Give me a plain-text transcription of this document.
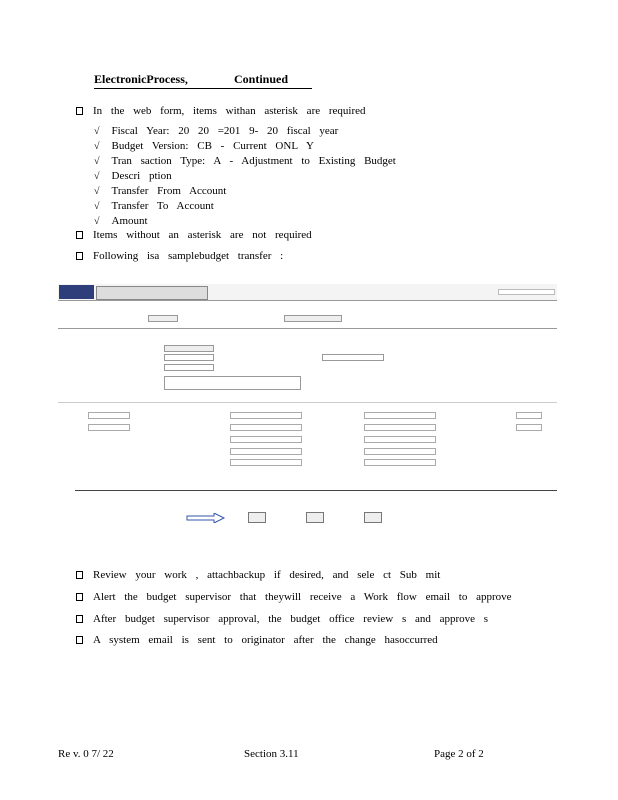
ElectronicProcess,	Continued
In the web form, items withan asterisk are required
√ Fiscal Year: 20 20 =201 9- 20 fiscal year
√ Budget Version: CB - Current ONL Y
√ Tran saction Type: A - Adjustment to Existing Budget
√ Descri ption
√ Transfer From Account
√ Transfer To Account
√ Amount
Items without an asterisk are not required
Following isa samplebudget transfer :
Review your work , attachbackup if desired, and sele ct Sub mit
Alert the budget supervisor that theywill receive a Work flow email to approve
After budget supervisor approval, the budget office review s and approve s
A system email is sent to originator after the change hasoccurred
Re v. 0 7/ 22	Section 3.11	Page 2 of 2
